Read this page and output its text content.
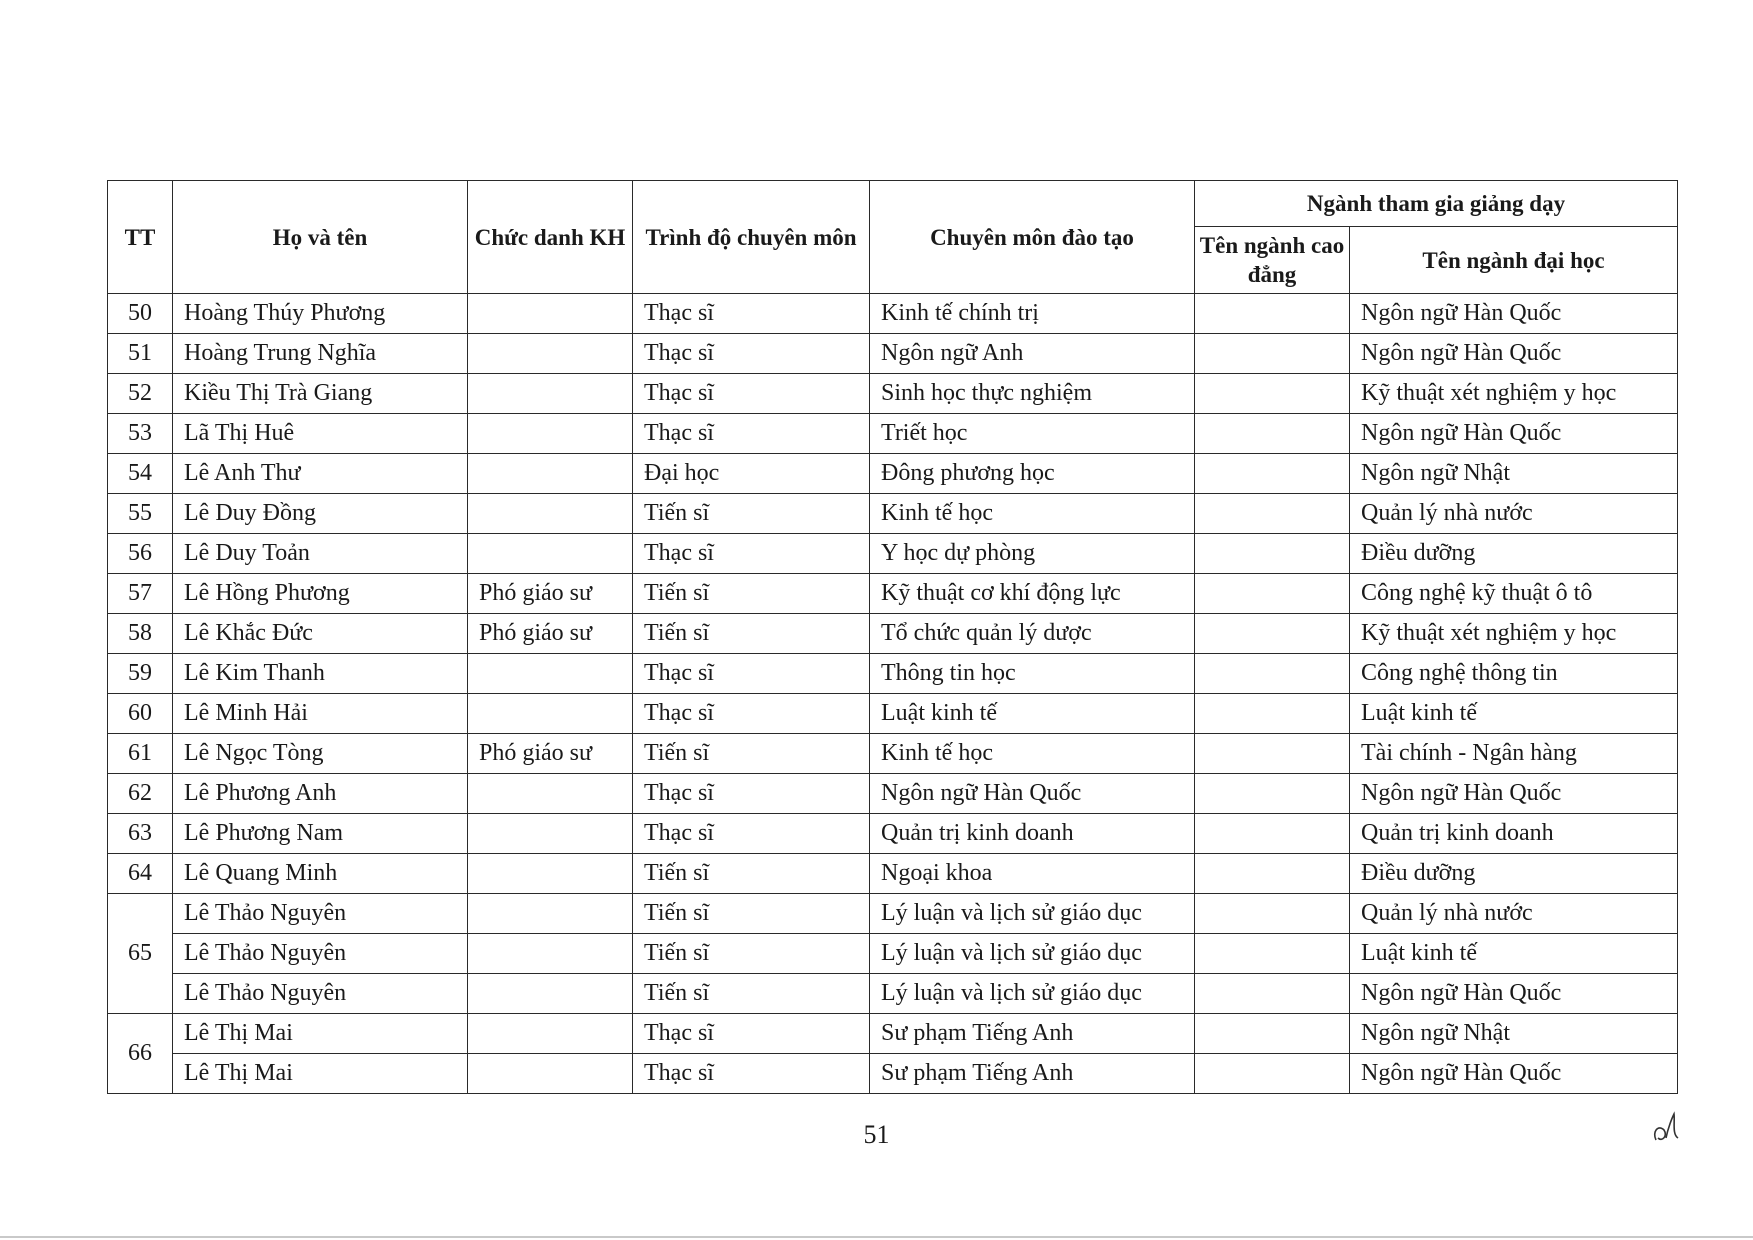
TT	Họ và tên	Chức danh KH	Trình độ chuyên môn	Chuyên môn đào tạo	Ngành tham gia giảng dạy	
					Tên ngành cao đẳng	Tên ngành đại học
50	Hoàng Thúy Phương		Thạc sĩ	Kinh tế chính trị		Ngôn ngữ Hàn Quốc
51	Hoàng Trung Nghĩa		Thạc sĩ	Ngôn ngữ Anh		Ngôn ngữ Hàn Quốc
52	Kiều Thị Trà Giang		Thạc sĩ	Sinh học thực nghiệm		Kỹ thuật xét nghiệm y học
53	Lã Thị Huê		Thạc sĩ	Triết học		Ngôn ngữ Hàn Quốc
54	Lê Anh Thư		Đại học	Đông phương học		Ngôn ngữ Nhật
55	Lê Duy Đồng		Tiến sĩ	Kinh tế học		Quản lý nhà nước
56	Lê Duy Toản		Thạc sĩ	Y học dự phòng		Điều dưỡng
57	Lê Hồng Phương	Phó giáo sư	Tiến sĩ	Kỹ thuật cơ khí động lực		Công nghệ kỹ thuật ô tô
58	Lê Khắc Đức	Phó giáo sư	Tiến sĩ	Tổ chức quản lý dược		Kỹ thuật xét nghiệm y học
59	Lê Kim Thanh		Thạc sĩ	Thông tin học		Công nghệ thông tin
60	Lê Minh Hải		Thạc sĩ	Luật kinh tế		Luật kinh tế
61	Lê Ngọc Tòng	Phó giáo sư	Tiến sĩ	Kinh tế học		Tài chính - Ngân hàng
62	Lê Phương Anh		Thạc sĩ	Ngôn ngữ Hàn Quốc		Ngôn ngữ Hàn Quốc
63	Lê Phương Nam		Thạc sĩ	Quản trị kinh doanh		Quản trị kinh doanh
64	Lê Quang Minh		Tiến sĩ	Ngoại khoa		Điều dưỡng
65	Lê Thảo Nguyên		Tiến sĩ	Lý luận và lịch sử giáo dục		Quản lý nhà nước
	Lê Thảo Nguyên		Tiến sĩ	Lý luận và lịch sử giáo dục		Luật kinh tế
	Lê Thảo Nguyên		Tiến sĩ	Lý luận và lịch sử giáo dục		Ngôn ngữ Hàn Quốc
66	Lê Thị Mai		Thạc sĩ	Sư phạm Tiếng Anh		Ngôn ngữ Nhật
	Lê Thị Mai		Thạc sĩ	Sư phạm Tiếng Anh		Ngôn ngữ Hàn Quốc
51
